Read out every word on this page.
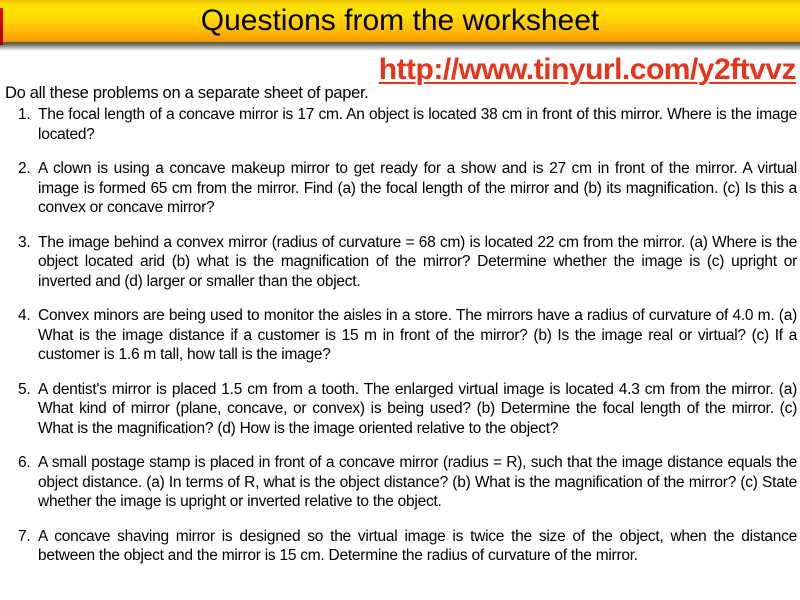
Questions from the worksheet
http://www.tinyurl.com/y2ftvvz

Do all these problems on a separate sheet of paper.

1. The focal length of a concave mirror is 17 cm. An object is located 38 cm in front of this mirror. Where is the image located?
2. A clown is using a concave makeup mirror to get ready for a show and is 27 cm in front of the mirror. A virtual image is formed 65 cm from the mirror. Find (a) the focal length of the mirror and (b) its magnification. (c) Is this a convex or concave mirror?
3. The image behind a convex mirror (radius of curvature = 68 cm) is located 22 cm from the mirror. (a) Where is the object located arid (b) what is the magnification of the mirror? Determine whether the image is (c) upright or inverted and (d) larger or smaller than the object.
4. Convex minors are being used to monitor the aisles in a store. The mirrors have a radius of curvature of 4.0 m. (a) What is the image distance if a customer is 15 m in front of the mirror? (b) Is the image real or virtual? (c) If a customer is 1.6 m tall, how tall is the image?
5. A dentist's mirror is placed 1.5 cm from a tooth. The enlarged virtual image is located 4.3 cm from the mirror. (a) What kind of mirror (plane, concave, or convex) is being used? (b) Determine the focal length of the mirror. (c) What is the magnification? (d) How is the image oriented relative to the object?
6. A small postage stamp is placed in front of a concave mirror (radius = R), such that the image distance equals the object distance. (a) In terms of R, what is the object distance? (b) What is the magnification of the mirror? (c) State whether the image is upright or inverted relative to the object.
7. A concave shaving mirror is designed so the virtual image is twice the size of the object, when the distance between the object and the mirror is 15 cm. Determine the radius of curvature of the mirror.
